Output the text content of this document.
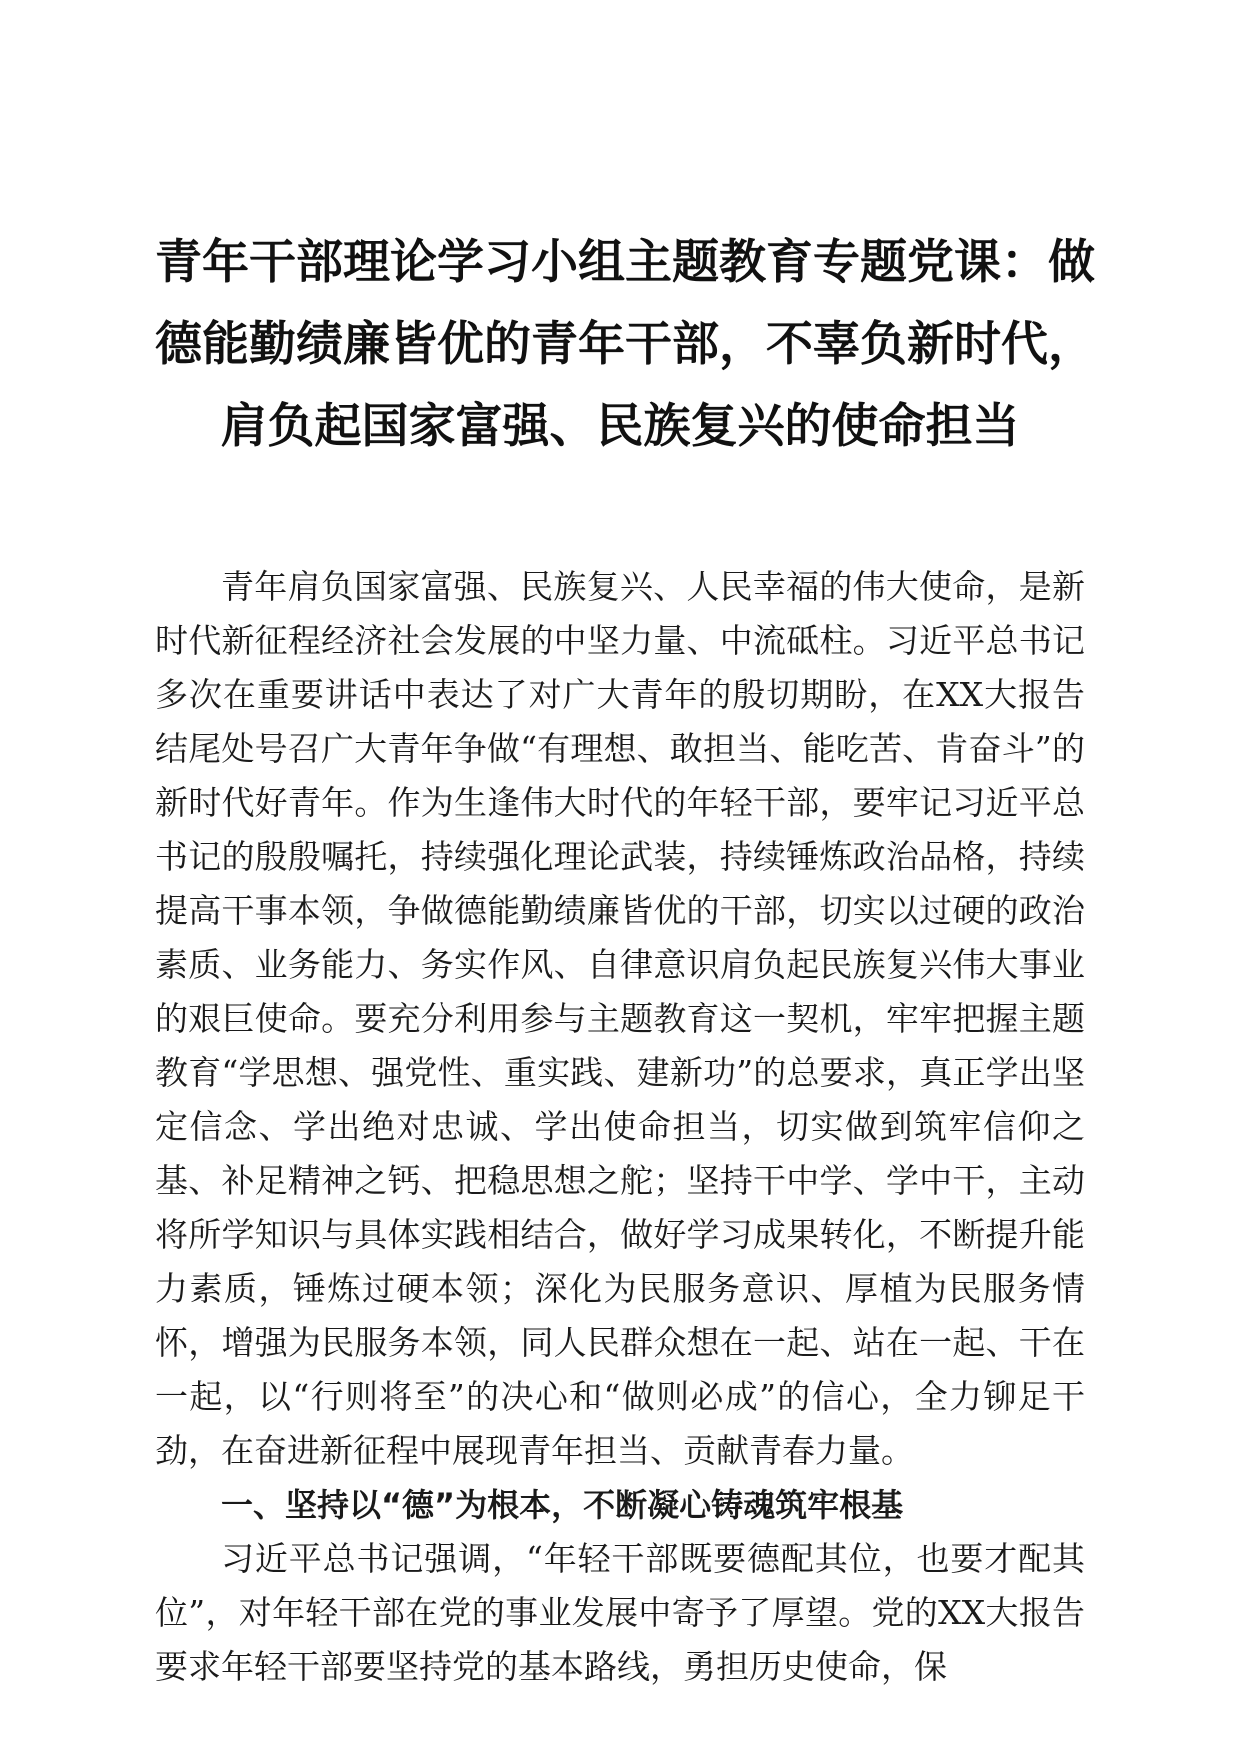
青年干部理论学习小组主题教育专题党课：做
德能勤绩廉皆优的青年干部，不辜负新时代，
肩负起国家富强、民族复兴的使命担当

青年肩负国家富强、民族复兴、人民幸福的伟大使命，是新时代新征程经济社会发展的中坚力量、中流砥柱。习近平总书记多次在重要讲话中表达了对广大青年的殷切期盼，在XX大报告结尾处号召广大青年争做“有理想、敢担当、能吃苦、肯奋斗”的新时代好青年。作为生逢伟大时代的年轻干部，要牢记习近平总书记的殷殷嘱托，持续强化理论武装，持续锤炼政治品格，持续提高干事本领，争做德能勤绩廉皆优的干部，切实以过硬的政治素质、业务能力、务实作风、自律意识肩负起民族复兴伟大事业的艰巨使命。要充分利用参与主题教育这一契机，牢牢把握主题教育“学思想、强党性、重实践、建新功”的总要求，真正学出坚定信念、学出绝对忠诚、学出使命担当，切实做到筑牢信仰之基、补足精神之钙、把稳思想之舵；坚持干中学、学中干，主动将所学知识与具体实践相结合，做好学习成果转化，不断提升能力素质，锤炼过硬本领；深化为民服务意识、厚植为民服务情怀，增强为民服务本领，同人民群众想在一起、站在一起、干在一起，以“行则将至”的决心和“做则必成”的信心，全力铆足干劲，在奋进新征程中展现青年担当、贡献青春力量。

一、坚持以“德”为根本，不断凝心铸魂筑牢根基

习近平总书记强调，“年轻干部既要德配其位，也要才配其位”，对年轻干部在党的事业发展中寄予了厚望。党的XX大报告要求年轻干部要坚持党的基本路线，勇担历史使命，保
